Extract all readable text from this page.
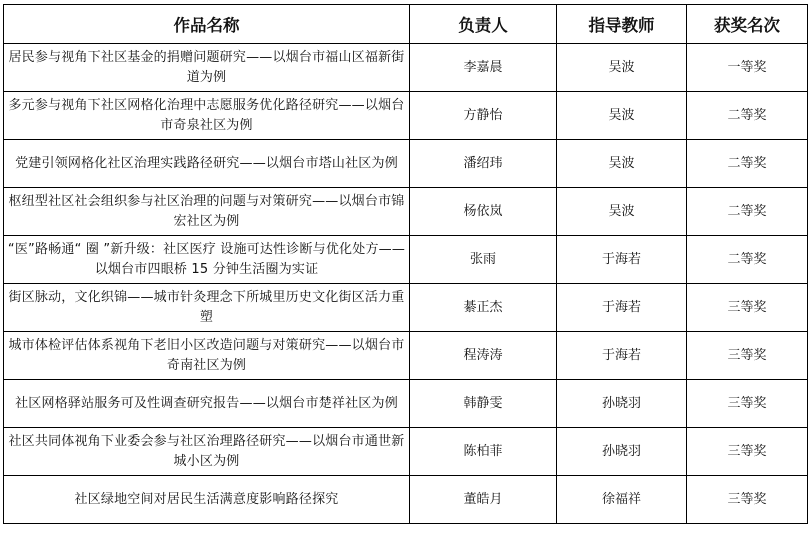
作品名称	负责人	指导教师	获奖名次
居民参与视角下社区基金的捐赠问题研究——以烟台市福山区福新街道为例	李嘉晨	吴波	一等奖
多元参与视角下社区网格化治理中志愿服务优化路径研究——以烟台市奇泉社区为例	方静怡	吴波	二等奖
党建引领网格化社区治理实践路径研究——以烟台市塔山社区为例	潘绍玮	吴波	二等奖
枢纽型社区社会组织参与社区治理的问题与对策研究——以烟台市锦宏社区为例	杨依岚	吴波	二等奖
“医”路畅通“ 圈 ”新升级：社区医疗 设施可达性诊断与优化处方——以烟台市四眼桥 15 分钟生活圈为实证	张雨	于海若	二等奖
街区脉动，文化织锦——城市针灸理念下所城里历史文化街区活力重塑	綦正杰	于海若	三等奖
城市体检评估体系视角下老旧小区改造问题与对策研究——以烟台市奇南社区为例	程涛涛	于海若	三等奖
社区网格驿站服务可及性调查研究报告——以烟台市楚祥社区为例	韩静雯	孙晓羽	三等奖
社区共同体视角下业委会参与社区治理路径研究——以烟台市通世新城小区为例	陈柏菲	孙晓羽	三等奖
社区绿地空间对居民生活满意度影响路径探究	董皓月	徐福祥	三等奖
